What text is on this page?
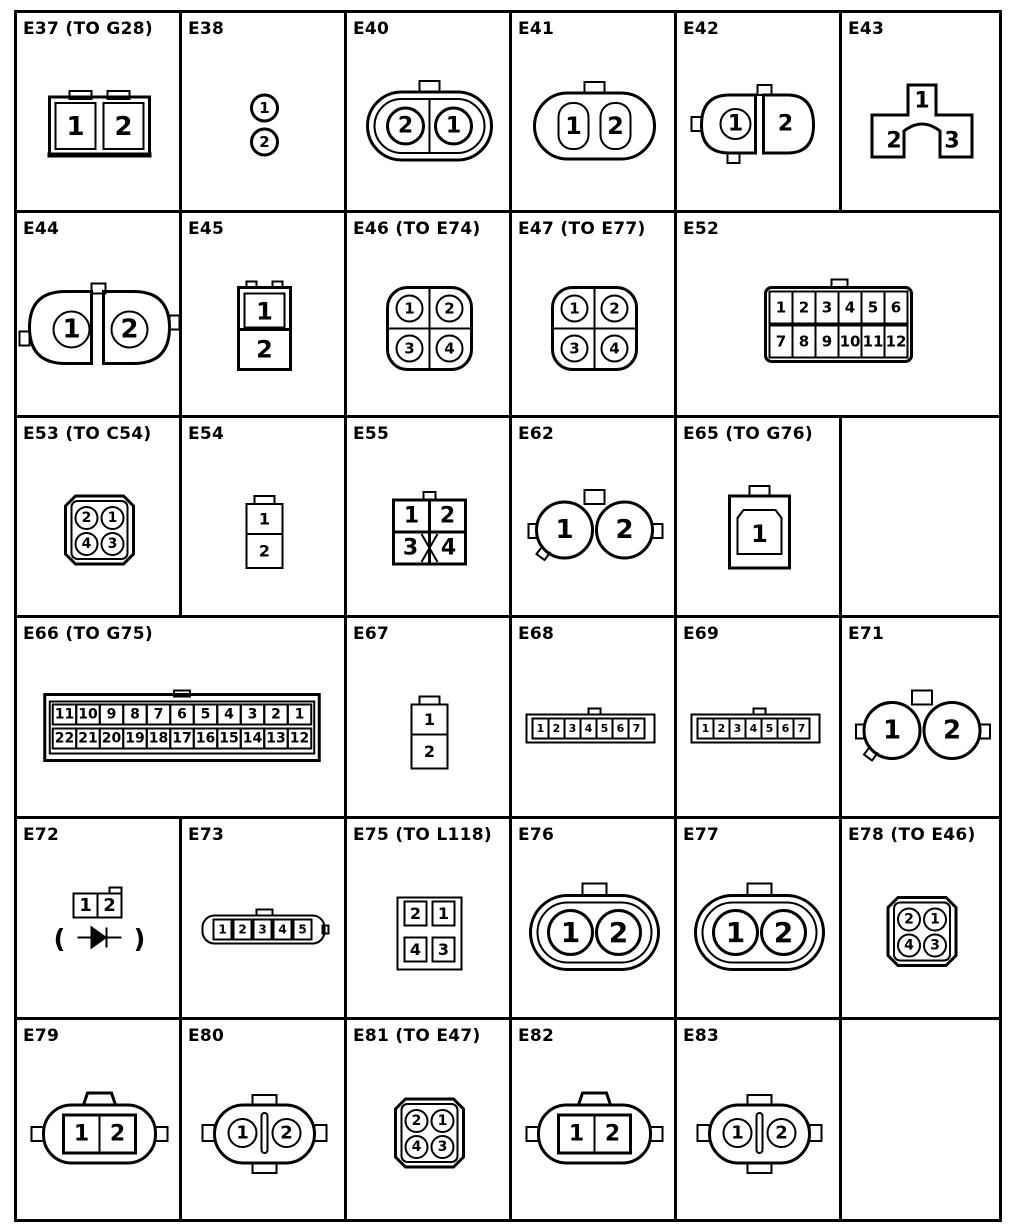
E37 (TO G28)
1 2
E38
1
2
E40
2 1
E41
1 2
E42
1 2
E43
1
2 3
E44
1 2
E45
1
2
E46 (TO E74)
1 2
3 4
E47 (TO E77)
1 2
3 4
E52
1 2 3 4 5 6
7 8 9 10 11 12
E53 (TO C54)
2 1
4 3
E54
1
2
E55
1 2
3 4
E62
1 2
E65 (TO G76)
1
E66 (TO G75)
11 10 9 8 7 6 5 4 3 2 1
22 21 20 19 18 17 16 15 14 13 12
E67
1
2
E68
1 2 3 4 5 6 7
E69
1 2 3 4 5 6 7
E71
1 2
E72
1 2
(	)
E73
1 2 3 4 5
E75 (TO L118)
2 1
4 3
E76
1 2
E77
1 2
E78 (TO E46)
2 1
4 3
E79
1 2
E80
1 2
E81 (TO E47)
2 1
4 3
E82
1 2
E83
1 2
